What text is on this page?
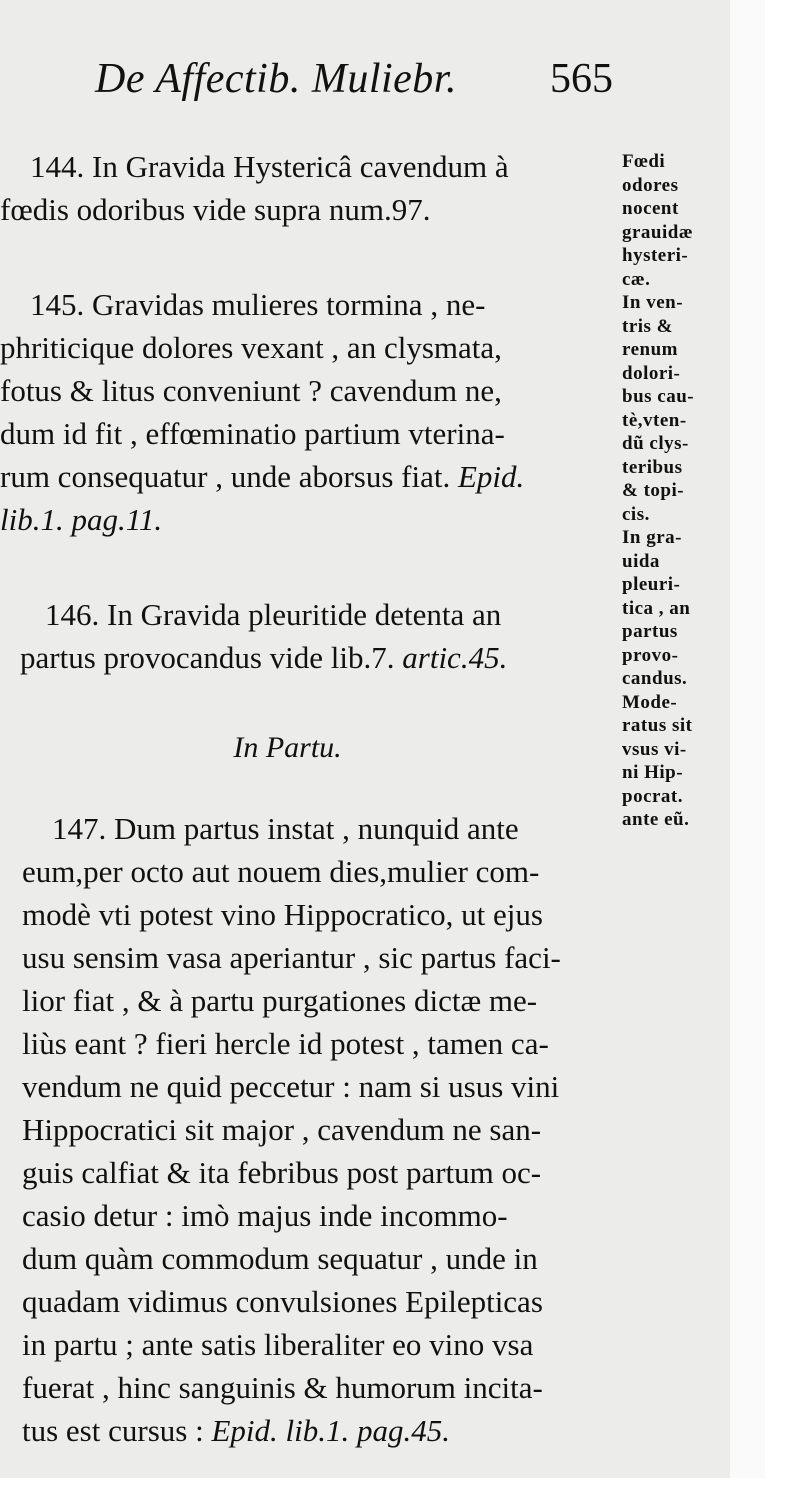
De Affectib. Muliebr. 565
144. In Gravida Hystericâ cavendum à
fœdis odoribus vide supra num.97.
145. Gravidas mulieres tormina , ne-
phriticique dolores vexant , an clysmata,
fotus & litus conveniunt ? cavendum ne,
dum id fit , effœminatio partium vterina-
rum consequatur , unde aborsus fiat. Epid.
lib.1. pag.11.
146. In Gravida pleuritide detenta an
partus provocandus vide lib.7. artic.45.
In Partu.
147. Dum partus instat , nunquid ante
eum,per octo aut nouem dies,mulier com-
modè vti potest vino Hippocratico, ut ejus
usu sensim vasa aperiantur , sic partus faci-
lior fiat , & à partu purgationes dictæ me-
liùs eant ? fieri hercle id potest , tamen ca-
vendum ne quid peccetur : nam si usus vini
Hippocratici sit major , cavendum ne san-
guis calfiat & ita febribus post partum oc-
casio detur : imò majus inde incommo-
dum quàm commodum sequatur , unde in
quadam vidimus convulsiones Epilepticas
in partu ; ante satis liberaliter eo vino vsa
fuerat , hinc sanguinis & humorum incita-
tus est cursus : Epid. lib.1. pag.45.
Fœdi
odores
nocent
grauidæ
hysteri-
cæ.
In ven-
tris &
renum
dolori-
bus cau-
tè,vten-
dũ clys-
teribus
& topi-
cis.
In gra-
uida
pleuri-
tica , an
partus
provo-
candus.
Mode-
ratus sit
vsus vi-
ni Hip-
pocrat.
ante eũ.
